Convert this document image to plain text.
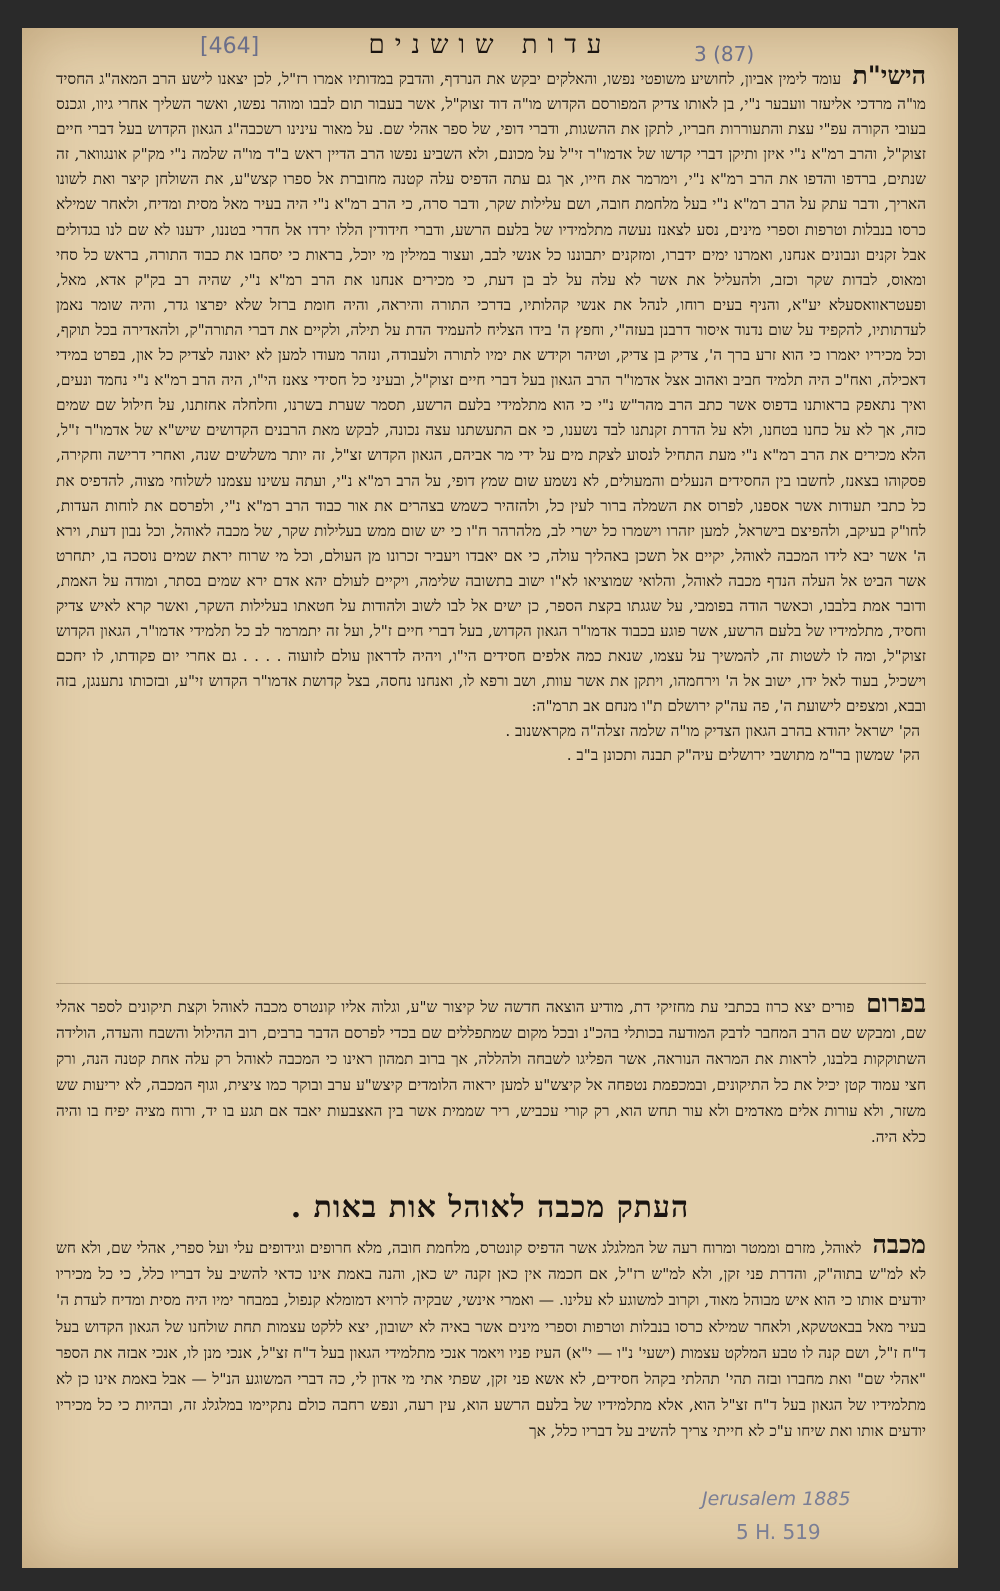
עדות שושנים
[464]	3 (87)
הישי"ת עומד לימין אביון, לחושיע משופטי נפשו, והאלקים יבקש את הנרדף, והדבק במדותיו אמרו רז"ל, לכן יצאנו לישע הרב המאה"ג החסיד מו"ה מרדכי אליעזר וועבער נ"י, בן לאותו צדיק המפורסם הקדוש מו"ה דוד זצוק"ל, אשר בעבור תום לבבו ומוהר נפשו, ואשר השליך אחרי גיוו, וגכנס בעובי הקורה עפ"י עצת והתעוררות חבריו, לתקן את ההשגות, ודברי דופי, של ספר אהלי שם. על מאור עינינו רשכבה"ג הגאון הקדוש בעל דברי חיים זצוק"ל, והרב רמ"א נ"י איזן ותיקן דברי קדשו של אדמו"ר זי"ל על מכונם, ולא השביע נפשו הרב הדיין ראש ב"ד מו"ה שלמה נ"י מק"ק אונגוואר, זה שנתים, ברדפו והדפו את הרב רמ"א נ"י, וימרמר את חייו, אך גם עתה הדפיס עלה קטנה מחוברת אל ספרו קצש"ע, את השולחן קיצר ואת לשונו האריך, ודבר עתק על הרב רמ"א נ"י בעל מלחמת חובה, ושם עלילות שקר, ודבר סרה, כי הרב רמ"א נ"י היה בעיר מאל מסית ומדיח, ולאחר שמילא כרסו בנבלות וטרפות וספרי מינים, נסע לצאנז נעשה מתלמידיו של בלעם הרשע, ודברי חידודין הללו ירדו אל חדרי בטננו, ידענו לא שם לנו בגדולים אבל זקנים ונבונים אנחנו, ואמרנו ימים ידברו, ומזקנים יתבוננו כל אנשי לבב, ועצור במילין מי יוכל, בראות כי יסחבו את כבוד התורה, בראש כל סחי ומאוס, לבדות שקר וכזב, ולהעליל את אשר לא עלה על לב בן דעת, כי מכירים אנחנו את הרב רמ"א נ"י, שהיה רב בק"ק אדא, מאל, ופעטראוואסעלא יע"א, והניף בעים רוחו, לנהל את אנשי קהלותיו, בדרכי התורה והיראה, והיה חומת ברזל שלא יפרצו גדר, והיה שומר נאמן לעדתותיו, להקפיד על שום נדנוד איסור דרבנן בעזה"י, וחפץ ה' בידו הצליח להעמיד הדת על תילה, ולקיים את דברי התורה"ק, ולהאדירה בכל תוקף, וכל מכיריו יאמרו כי הוא זרע ברך ה', צדיק בן צדיק, וטיהר וקידש את ימיו לתורה ולעבודה, ונזהר מעודו למען לא יאונה לצדיק כל און, בפרט במידי דאכילה, ואח"כ היה תלמיד חביב ואהוב אצל אדמו"ר הרב הגאון בעל דברי חיים זצוק"ל, ובעיני כל חסידי צאנז הי"ו, היה הרב רמ"א נ"י נחמד ונעים, ואיך נתאפק בראותנו בדפוס אשר כתב הרב מהר"ש נ"י כי הוא מתלמידי בלעם הרשע, תסמר שערת בשרנו, וחלחלה אחזתנו, על חילול שם שמים כזה, אך לא על כחנו בטחנו, ולא על הדרת זקנתנו לבד נשענו, כי אם התעשתנו עצה נכונה, לבקש מאת הרבנים הקדושים שיש"א של אדמו"ר ז"ל, הלא מכירים את הרב רמ"א נ"י מעת התחיל לנסוע לצקת מים על ידי מר אביהם, הגאון הקדוש זצ"ל, זה יותר משלשים שנה, ואחרי דרישה וחקירה, פסקוהו בצאנז, לחשבו בין החסידים הנעלים והמעולים, לא נשמע שום שמץ דופי, על הרב רמ"א נ"י, ועתה עשינו עצמנו לשלוחי מצוה, להדפיס את כל כתבי תעודות אשר אספנו, לפרוס את השמלה ברור לעין כל, ולהזהיר כשמש בצהרים את אור כבוד הרב רמ"א נ"י, ולפרסם את לוחות העדות, לחו"ק בעיקב, ולהפיצם בישראל, למען יזהרו וישמרו כל ישרי לב, מלהרהר ח"ו כי יש שום ממש בעלילות שקר, של מכבה לאוהל, וכל נבון דעת, וירא ה' אשר יבא לידו המכבה לאוהל, יקיים אל תשכן באהליך עולה, כי אם יאבדו ויעביר זכרונו מן העולם, וכל מי שרוח יראת שמים נוסכה בו, יתחרט אשר הביט אל העלה הנדף מכבה לאוהל, והלואי שמוציאו לא"ו ישוב בתשובה שלימה, ויקיים לעולם יהא אדם ירא שמים בסתר, ומודה על האמת, ודובר אמת בלבבו, וכאשר הודה בפומבי, על שגגתו בקצת הספר, כן ישים אל לבו לשוב ולהודות על חטאתו בעלילות השקר, ואשר קרא לאיש צדיק וחסיד, מתלמידיו של בלעם הרשע, אשר פוגע בכבוד אדמו"ר הגאון הקדוש, בעל דברי חיים ז"ל, ועל זה יתמרמר לב כל תלמידי אדמו"ר, הגאון הקדוש זצוק"ל, ומה לו לשטות זה, להמשיך על עצמו, שנאת כמה אלפים חסידים הי"ו, ויהיה לדראון עולם לזועוה . . . . גם אחרי יום פקודתו, לו יחכם וישכיל, בעוד לאל ידו, ישוב אל ה' וירחמהו, ויתקן את אשר עוות, ושב ורפא לו, ואנחנו נחסה, בצל קדושת אדמו"ר הקדוש זי"ע, ובזכותו נתענגן, בזה ובבא, ומצפים לישועת ה', פה עה"ק ירושלם ת"ו מנחם אב תרמ"ה:
הק' ישראל יהודא בהרב הגאון הצדיק מו"ה שלמה זצלה"ה מקראשנוב .
הק' שמשון בר"מ מתושבי ירושלים עיה"ק תבנה ותכונן ב"ב .
בפרום פורים יצא כרוז בכתבי עת מחזיקי דת, מודיע הוצאה חדשה של קיצור ש"ע, וגלוה אליו קונטרס מכבה לאוהל וקצת תיקונים לספר אהלי שם, ומבקש שם הרב המחבר לדבק המודעה בכותלי בהכ"נ ובכל מקום שמתפללים שם בכדי לפרסם הדבר ברבים, רוב ההילול והשבח והעדה, הולידה השתוקקות בלבנו, לראות את המראה הנוראה, אשר הפליגו לשבחה ולהללה, אך ברוב תמהון ראינו כי המכבה לאוהל רק עלה אחת קטנה הנה, ורק חצי עמוד קטן יכיל את כל התיקונים, ובמכפמת נטפחה אל קיצש"ע למען יראוה הלומדים קיצש"ע ערב ובוקר כמו ציצית, וגוף המכבה, לא יריעות שש משזר, ולא עורות אלים מאדמים ולא עור תחש הוא, רק קורי עכביש, ריר שממית אשר בין האצבעות יאבד אם תגע בו יד, ורוח מציה יפיח בו והיה כלא היה.
העתק מכבה לאוהל אות באות .
מכבה לאוהל, מזרם וממטר ומרוח רעה של המלגלג אשר הדפיס קונטרס, מלחמת חובה, מלא חרופים וגידופים עלי ועל ספרי, אהלי שם, ולא חש לא למ"ש בתוה"ק, והדרת פני זקן, ולא למ"ש רז"ל, אם חכמה אין כאן זקנה יש כאן, והנה באמת אינו כדאי להשיב על דבריו כלל, כי כל מכיריו יודעים אותו כי הוא איש מבוהל מאוד, וקרוב למשוגע לא עלינו. — ואמרי אינשי, שבקיה לרויא דמומלא קנפול, במבחר ימיו היה מסית ומדיח לעדת ה' בעיר מאל בבאטשקא, ולאחר שמילא כרסו בנבלות וטרפות וספרי מינים אשר באיה לא ישובון, יצא ללקט עצמות תחת שולחנו של הגאון הקדוש בעל ד"ח ז"ל, ושם קנה לו טבע המלקט עצמות (ישעי' נ"ו — י"א) העיז פניו ויאמר אנכי מתלמידי הגאון בעל ד"ח זצ"ל, אנכי מנן לו, אנכי אבזה את הספר "אהלי שם" ואת מחברו ובזה תהי' תהלתי בקהל חסידים, לא אשא פני זקן, שפתי אתי מי אדון לי, כה דברי המשוגע הנ"ל — אבל באמת אינו כן לא מתלמידיו של הגאון בעל ד"ח זצ"ל הוא, אלא מתלמידיו של בלעם הרשע הוא, עין רעה, ונפש רחבה כולם נתקיימו במלגלג זה, ובהיות כי כל מכיריו יודעים אותו ואת שיחו ע"כ לא חייתי צריך להשיב על דבריו כלל, אך
Jerusalem 1885
5 H. 519
